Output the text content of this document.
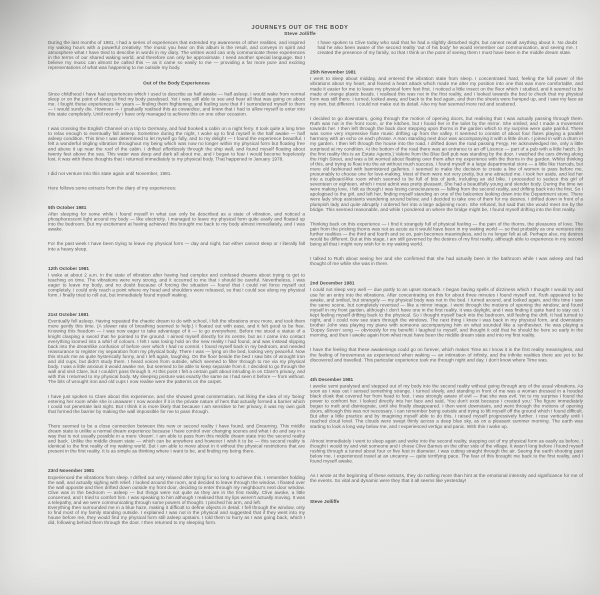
JOURNEYS OUT OF THE BODY
Steve Jolliffe
During the last months of 1981, I had a series of experiences that extended my awareness of other realities, and inspired my waking hours with a powerful creativity. The music you hear on this album is the result, and conveys in spirit and atmosphere what I have tried to describe in words in my diary. The written word can only communicate these experiences in the terms of our shared waking world, and therefore can only be approximate. I need another special language. But I believe my music can almost be called this — as it came so easily to me — providing a far more pure and exciting representations of what was happening to me outside my body.
Out of the Body Experiences
Since childhood I have had experiences which I used to describe as half awake — half asleep. I would wake from normal sleep or on the point of sleep to find my body paralysed. Yet I was still able to see and hear all that was going on about me. I fought these experiences for years — finding them frightening, and feeling sure that if I surrendered myself to them — I would surely die. However — I gradually realised this as cowardice, and knew that I had to allow myself to enter into this state completely. Until recently I have only managed to achieve this on one other occasion.
I was crossing the English Channel on a trip to Germany, and had booked a cabin on a night ferry. It took quite a long time to relax enough to eventually fall asleep. Sometime during the night, I woke up to find myself in the half awake — half asleep condition. This time I was determined to let myself go fully, and to my delight — I found the experience beautiful. I felt a wonderful tingling vibration throughout my being which was now no longer within my physical form but floating free and above it up near the roof of the cabin. I drifted effortlessly through the ship wall, and found myself floating about twenty feet above the sea. This water was deep and dark all about me, and I began to fear I would become hopelessly lost. It was with these thoughts that I returned immediately to my physical body. That happened in January 1978.
I did not venture into this state again until November, 1981.
Here follows some extracts from the diary of my experiences:
5th October 1981
After sleeping for some while I found myself in what can only be described as a state of vibration, and noticed a phosphorescent light around my body — like electricity. I managed to leave my physical form quite easily and floated up into the bedroom. But my excitement at having achieved this brought me back to my body almost immediately, and I was awake.
For the past week I have been trying to leave my physical form — day and night, but either cannot sleep or I literally fall into a heavy sleep.
12th October 1981
I woke at about 2 a.m. in the state of vibration after having had complex and confused dreams about trying to get to teaching on time. The vibrations were very strong, and it occurred to me that I should be careful. Nevertheless, I was eager to leave my body, and no doubt because of forcing the situation — found that I could not force myself out completely. I could only reach a point where my head and shoulders were released, so that I could see along my physical form. I finally tried to roll out, but immediately found myself waking.
21st October 1981
Eventually fell asleep. Having repeated the chaotic dream to do with school, I felt the vibrations once more, and took them more gently this time. (A slower rate of breathing seemed to help.) I floated out with ease, and it felt good to be free. Knowing this freedom — I was now eager to take advantage of it — to go everywhere. Before me stood a statue of a knight clasping a sword that he pointed to the ground. I aimed myself directly for its centre, but as I came into contact everything loomed into a whirl of colours. I felt I was losing hold on the new reality I had found, and was instead slipping back into the dreamlike confusion of before over which I had no control. I found myself back in my bedroom, and needed reassurance to register my separation from my physical body. There I was — lying on the bed, looking very peaceful. Now this struck me as quite hysterically funny, and I left again, laughing. On the floor beside the bed I saw bits of wrought iron and old cups, but didn't study them. I heard voices from outside, which seemed to filter through to me via my physical body. I was a little anxious it would awake me, but seemed to be able to keep separate from it. I decided to go through the wall and visit Clare, but I couldn't pass through it. At this point I felt a certain guilt about intruding in on Clare's privacy, and with this I returned to my physical body. My sleeping posture was exactly the same as I had seen it before — from without. The bits of wrought iron and old cups I now realise were the patterns on the carpet.
I have just spoken to Clare about this experience, and she showed great consternation, not liking the idea of my 'being' entering her room while she is unaware! I now wonder if it is the private nature of hers that actually formed a barrier which I could not penetrate last night. But I think it is more likely that because I am sensitive to her privacy, it was my own guilt that formed the barrier by making the wall impossible for me to pass through.
There seemed to be a close connection between this new or second reality I have found, and Dreaming. This middle dream state is unlike a normal dream experience because I have control over changing scenes and what I do and say in a way that is not usually possible in a mere 'dream'. I am able to pass from this middle dream state into the second reality and back. Unlike the middle dream state — which can be anywhere and however I wish it to be — this second reality is identical to the first reality of my waking world. But I am able to move about in it without the physical restrictions that are present in the first reality. It is as simple as thinking where I want to be, and finding my being there.
23rd November 1981
Experienced the vibrations from sleep. I drifted out very relaxed after trying for so long to achieve this. I remember holding the wall, and actually sighing with relief. I looked around the room, and decided to leave through the window. I floated over the wall opposite and then drifted down outside my front door, deciding to enter through my neighbour's next door window. Clive was in the bedroom — asleep — but things were not quite as they are in the first reality. Clive awoke, a little concerned, and I tried to comfort him. I was speaking to him although I realised that my lips weren't actually moving. It was a telepathy, and we were communicating through some powers of thought. I pinched his arm, and left.
Everything then surrounded me in a blue haze, making it difficult to define objects in detail. I fell through the window, only to find most of my family standing outside. I explained I was not in the physical and suggested that if they went into my house before me, they would find my physical form still asleep upstairs. I told them to hurry as I was going back, which I did, following behind them through the door. I then returned to my sleeping form.
I have spoken to Clive today who said that he had a slightly disturbed night, but cannot recall anything about it. No doubt had he also been aware of the second reality 'out of his body' he would remember our communication, and seeing me. I created the presence of my family, so that I think on the point of seeing them I must have been in the middle dream state.
25th November 1981
I went to sleep about midday, and entered the vibration state from sleep. I concentrated hard, feeling the full power of the vibrations about my heart, and feared a heart attack which made me alter my position into one that was more comfortable, and made it easier for me to leave my physical form feet first. I noticed a little insect on the floor which I studied, and it seemed to be made of orange plastic beads. I realised this was not in the first reality, and I looked towards the bed to check that my physical form was still there. I turned, looked away, and back to the bed again, and then the sheets were humped up, and I saw my face as my own, but different. I could not make out its detail. Also my hair seemed more red and scattered.
I decided to go downstairs, going through the motion of opening doors, but realising that I was actually passing through them. Ruth was not in the front room, or the kitchen, but I found her in the toilet by the mirror. She smiled, and I made a movement towards her. I then left through the back door stepping upon thorns in the garden which to my surprise were quite painful. There was some very impressive flute music drifting up from the valley. It seemed to consist of about four flutes playing a parallel harmony with an echo on each phrase. A man standing next door was accompanying it with a little drum. I joined in with a drum in my garden. I then left through the house into the road. I drifted down the road passing Fergy. He acknowledged me, only a little surprised at my condition. At the bottom of the road there was an entrance to an off Licence — part of a pub with a little hatch. (In the first reality this is an Estate Agents.) Valerie from the Blue Bell pub was standing by the door. I watched the cars driving along the High Street, and was a bit worried about floating over them after my experience with the thorns in the garden. Whilst thinking of this, and trying to float into the air without much success, I found myself in a large departmental store — a little like Harrods, but more old fashioned with bannistered galleries. I seemed to make the decision to create a line of women to pass before me, presumably to choose one for love-making. Most of them were not very pretty, but one attracted me. I took her aside, and led her into a cupboard-like room which seemed to be full of bits of junk, including an old bike. I proceeded to seduce this girl of seventeen or eighteen, which I must admit was pretty pleasant. She had a beautifully young and slender body. During the time we were making love, I felt as though I was losing consciousness — falling from the second reality, and drifting back into the first. So I apologised to the girl, and left her, finding myself standing on one of the balconies looking down into the Department store. There were lady shop assistants wandering around below, and I decided to take one of them for my desires. I drifted down in front of a plumpish lady and quite abruptly I ordered her into a large adjoining room. She refused, but said that she would meet me by the bridge. This seemed reasonable, and while I pondered on where the bridge might be, I found myself drifting into the first reality.
Thinking back on this experience — I find it strangely full of physical feeling — the pain of the thorns, the pleasures of love. The pain from the pricking thorns was not as acute as it would have been in my waking world — so that probably as one ventures into further realities — the third and fourth and so on, pain becomes meaningless, and is no longer felt at all. Perhaps also, my desires would be different. But at this stage, I am still governed by the desires of my first reality, although able to experience in my second being all that I might very wish for in my waking world.
I talked to Ruth about seeing her and she confirmed that she had actually been in the bathroom while I was asleep and had thought of me while she was in there.
2nd December 1981
I could not sleep very well — due partly to an upset stomach. I began having spells of dizziness which I thought I would try and use for an entry into the vibrations. After concentrating on this for about three minutes I found myself out. Ruth appeared to be awake, and smiled, but strangely — my physical body was not in the bed. I turned around, and looked again, and this time I saw the same scene, but completely reversed — like a mirror image. I went through the motions of opening the window, and found myself in my front garden, although I don't have one in the first reality. It was daylight, and I was finding it quite hard to stay out. I kept feeling myself drifting back to the physical. So I thought myself back into the bedroom, still feeling the drift. It had turned to night, and I could now see stars through the windows. The next thing I knew I was back in my physical form, and downstairs brother John was playing my piano with someone accompanying him on what sounded like a synthesiser. He was playing a 'Dopey Seven' song — obviously for my benefit! I laughed to myself, and thought it odd that he should be here so early in the morning, and then I awoke again from what must have been the middle dream state and into my first reality.
I have the feeling that these awakenings could go on forever, which makes Time as I know it in the first reality meaningless, and the feeling of foreverness as experienced when waking — an intimation of infinity, and the infinite realities there are yet to be discovered and travelled. This particular experience took me through night and day. I don't know where Time was.
4th December 1981
I awoke semi paralysed and stepped out of my body into the second reality without going through any of the usual vibrations. As soon as I was out I sensed something strange. I turned slowly, and standing in front of me was a woman dressed in a hooded black cloak that covered her from head to foot. I was strongly aware of evil — that she was evil. Yet to my surprise I found the power to confront her. I looked directly into her face and said, 'You don't exist because I created you.' The figure immediately began to melt and disintegrate, until she finally disappeared. I then went downstairs, and went through the motions of opening doors, although this was not necessary. I can remember being outside and trying to lift myself off the ground which I found difficult. But after a little practice and by imagining myself able to do this, I raised myself progressively further. I rose vertically until I reached cloud level. The clouds were swept thinly across a deep blue sky, as on a pleasant summer morning. The earth was starting to look a long way below me, and I experienced vertigo and panic. With this I woke up.
Almost immediately I went to sleep again and woke into the second reality, stepping out of my physical form as easily as before. I thought I would try and visit someone and I chose Clive Barnes on the other side of the village. It wasn't long before I found myself rushing through a tunnel about four or five feet in diameter. I was cutting straight through the air. Seeing the earth shooting past below me, I experienced travel at an uncanny — quite terrifying pace. The fear of this brought me back to the first reality, and I found myself awake.
As I wrote at the beginning of these extracts, they do nothing more than hint at the emotional intensity and significance for me of the events. So vital and dynamic were they that it all seems like yesterday!
Steve Jolliffe
